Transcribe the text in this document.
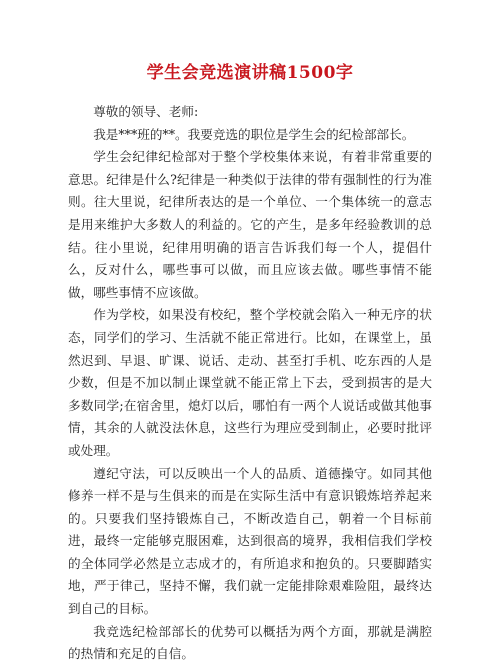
学生会竞选演讲稿1500字

尊敬的领导、老师:

我是***班的**。我要竞选的职位是学生会的纪检部部长。

学生会纪律纪检部对于整个学校集体来说，有着非常重要的意思。纪律是什么?纪律是一种类似于法律的带有强制性的行为准则。往大里说，纪律所表达的是一个单位、一个集体统一的意志是用来维护大多数人的利益的。它的产生，是多年经验教训的总结。往小里说，纪律用明确的语言告诉我们每一个人，提倡什么，反对什么，哪些事可以做，而且应该去做。哪些事情不能做，哪些事情不应该做。

作为学校，如果没有校纪，整个学校就会陷入一种无序的状态，同学们的学习、生活就不能正常进行。比如，在课堂上，虽然迟到、早退、旷课、说话、走动、甚至打手机、吃东西的人是少数，但是不加以制止课堂就不能正常上下去，受到损害的是大多数同学;在宿舍里，熄灯以后，哪怕有一两个人说话或做其他事情，其余的人就没法休息，这些行为理应受到制止，必要时批评或处理。

遵纪守法，可以反映出一个人的品质、道德操守。如同其他修养一样不是与生俱来的而是在实际生活中有意识锻炼培养起来的。只要我们坚持锻炼自己，不断改造自己，朝着一个目标前进，最终一定能够克服困难，达到很高的境界，我相信我们学校的全体同学必然是立志成才的，有所追求和抱负的。只要脚踏实地，严于律己，坚持不懈，我们就一定能排除艰难险阻，最终达到自己的目标。

我竞选纪检部部长的优势可以概括为两个方面，那就是满腔的热情和充足的自信。
